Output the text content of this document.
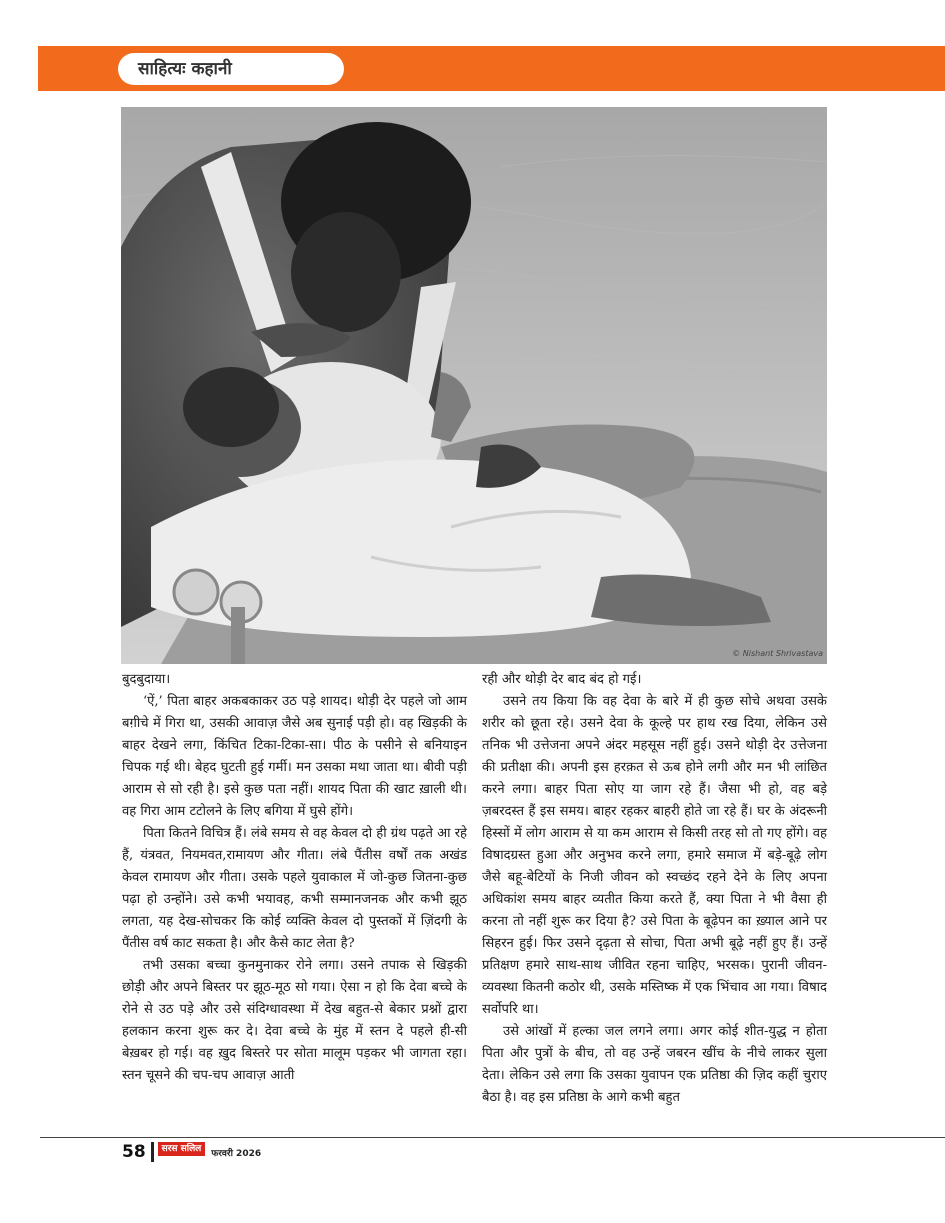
साहित्यः कहानी
© Nishant Shrivastava

बुदबुदाया।

‘ऐं,’ पिता बाहर अकबकाकर उठ पड़े शायद। थोड़ी देर पहले जो आम बग़ीचे में गिरा था, उसकी आवाज़ जैसे अब सुनाई पड़ी हो। वह खिड़की के बाहर देखने लगा, किंचित टिका-टिका-सा। पीठ के पसीने से बनियाइन चिपक गई थी। बेहद घुटती हुई गर्मी। मन उसका मथा जाता था। बीवी पड़ी आराम से सो रही है। इसे कुछ पता नहीं। शायद पिता की खाट ख़ाली थी। वह गिरा आम टटोलने के लिए बगिया में घुसे होंगे।

पिता कितने विचित्र हैं। लंबे समय से वह केवल दो ही ग्रंथ पढ़ते आ रहे हैं, यंत्रवत, नियमवत,रामायण और गीता। लंबे पैंतीस वर्षों तक अखंड केवल रामायण और गीता। उसके पहले युवाकाल में जो-कुछ जितना-कुछ पढ़ा हो उन्होंने। उसे कभी भयावह, कभी सम्मानजनक और कभी झूठ लगता, यह देख-सोचकर कि कोई व्यक्ति केवल दो पुस्तकों में ज़िंदगी के पैंतीस वर्ष काट सकता है। और कैसे काट लेता है?

तभी उसका बच्चा कुनमुनाकर रोने लगा। उसने तपाक से खिड़की छोड़ी और अपने बिस्तर पर झूठ-मूठ सो गया। ऐसा न हो कि देवा बच्चे के रोने से उठ पड़े और उसे संदिग्धावस्था में देख बहुत-से बेकार प्रश्नों द्वारा हलकान करना शुरू कर दे। देवा बच्चे के मुंह में स्तन दे पहले ही-सी बेख़बर हो गई। वह ख़ुद बिस्तरे पर सोता मालूम पड़कर भी जागता रहा। स्तन चूसने की चप-चप आवाज़ आती

रही और थोड़ी देर बाद बंद हो गई।

उसने तय किया कि वह देवा के बारे में ही कुछ सोचे अथवा उसके शरीर को छूता रहे। उसने देवा के कूल्हे पर हाथ रख दिया, लेकिन उसे तनिक भी उत्तेजना अपने अंदर महसूस नहीं हुई। उसने थोड़ी देर उत्तेजना की प्रतीक्षा की। अपनी इस हरक़त से ऊब होने लगी और मन भी लांछित करने लगा। बाहर पिता सोए या जाग रहे हैं। जैसा भी हो, वह बड़े ज़बरदस्त हैं इस समय। बाहर रहकर बाहरी होते जा रहे हैं। घर के अंदरूनी हिस्सों में लोग आराम से या कम आराम से किसी तरह सो तो गए होंगे। वह विषादग्रस्त हुआ और अनुभव करने लगा, हमारे समाज में बड़े-बूढ़े लोग जैसे बहू-बेटियों के निजी जीवन को स्वच्छंद रहने देने के लिए अपना अधिकांश समय बाहर व्यतीत किया करते हैं, क्या पिता ने भी वैसा ही करना तो नहीं शुरू कर दिया है? उसे पिता के बूढ़ेपन का ख़्याल आने पर सिहरन हुई। फिर उसने दृढ़ता से सोचा, पिता अभी बूढ़े नहीं हुए हैं। उन्हें प्रतिक्षण हमारे साथ-साथ जीवित रहना चाहिए, भरसक। पुरानी जीवन-व्यवस्था कितनी कठोर थी, उसके मस्तिष्क में एक भिंचाव आ गया। विषाद सर्वोपरि था।

उसे आंखों में हल्का जल लगने लगा। अगर कोई शीत-युद्ध न होता पिता और पुत्रों के बीच, तो वह उन्हें जबरन खींच के नीचे लाकर सुला देता। लेकिन उसे लगा कि उसका युवापन एक प्रतिष्ठा की ज़िद कहीं चुराए बैठा है। वह इस प्रतिष्ठा के आगे कभी बहुत

58	सरस सलिल	फरवरी 2026
